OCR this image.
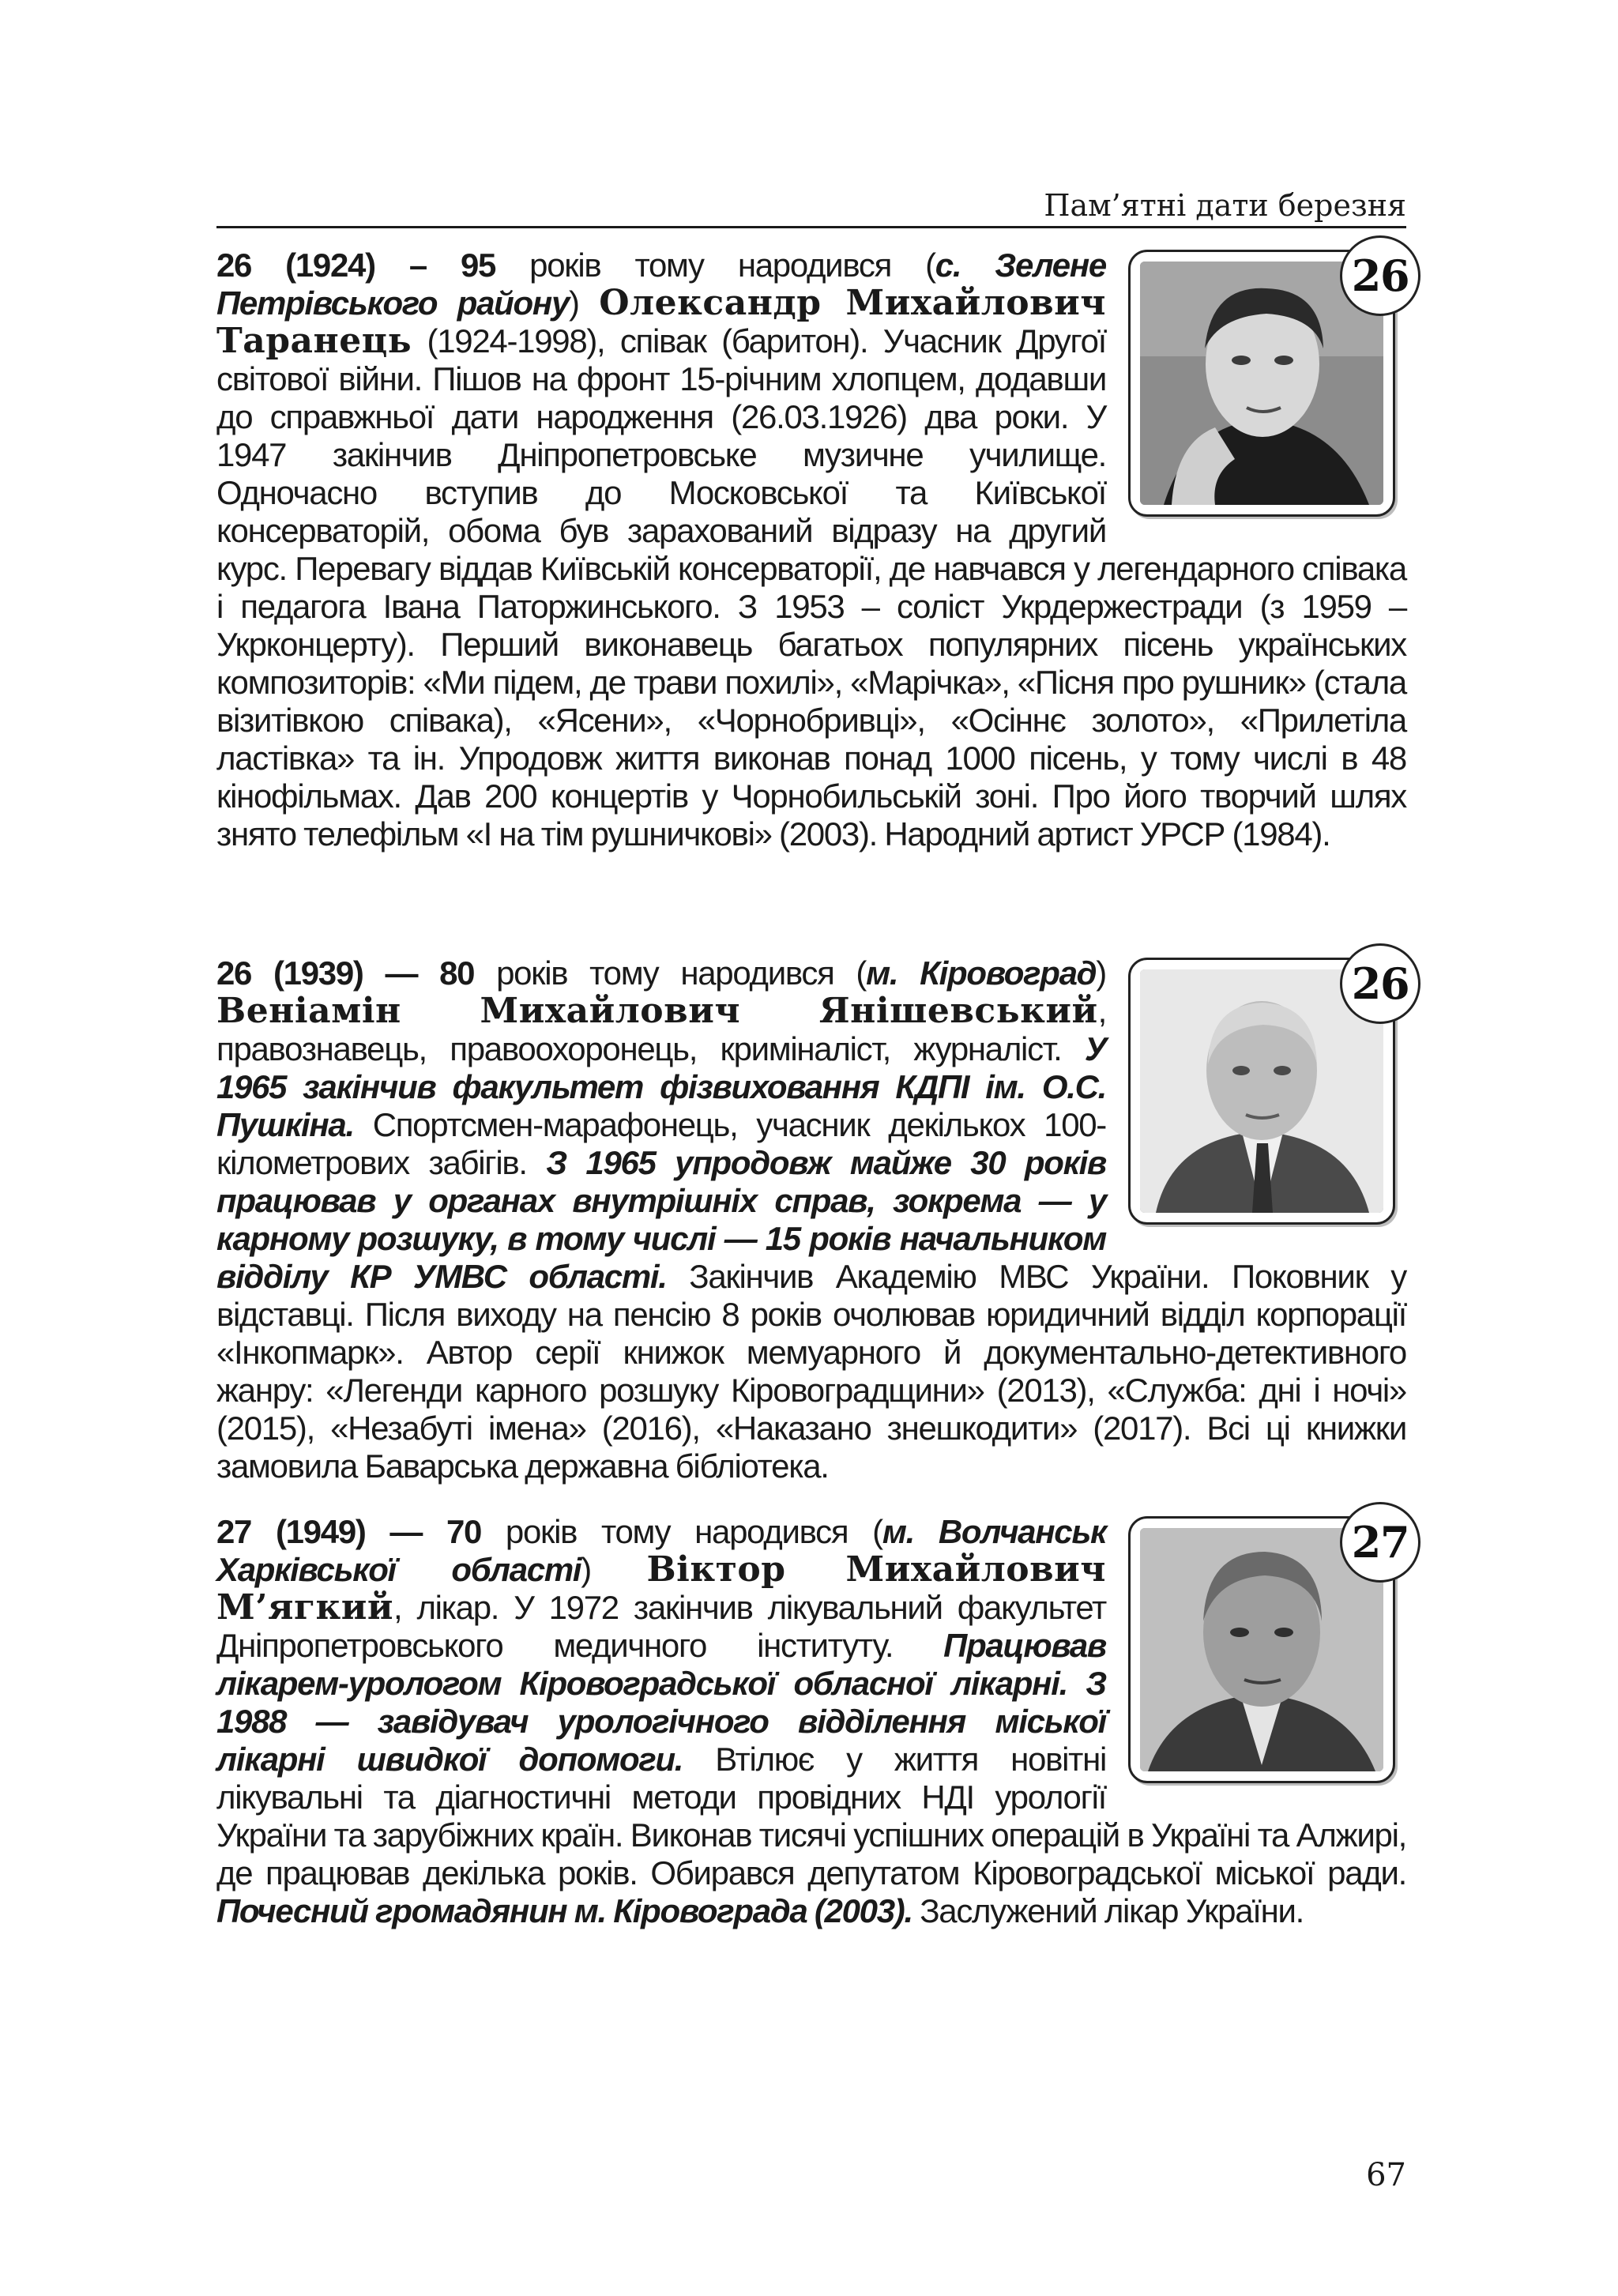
Пам’ятні дати березня
26

26 (1924) – 95 років тому народився (с. Зелене Петрівського району) Олександр Михайлович Таранець (1924-1998), співак (баритон). Учасник Другої світової війни. Пішов на фронт 15-річним хлопцем, додавши до справжньої дати народження (26.03.1926) два роки. У 1947 закінчив Дніпропетровське музичне училище. Одночасно вступив до Московської та Київської консерваторій, обома був зарахований відразу на другий курс. Перевагу віддав Київській консерваторії, де навчався у легендарного співака і педагога Івана Паторжинського. З 1953 – соліст Укрдержестради (з 1959 – Укрконцерту). Перший виконавець багатьох популярних пісень українських композиторів: «Ми підем, де трави похилі», «Марічка», «Пісня про рушник» (стала візитівкою співака), «Ясени», «Чорнобривці», «Осіннє золото», «Прилетіла ластівка» та ін. Упродовж життя виконав понад 1000 пісень, у тому числі в 48 кінофільмах. Дав 200 концертів у Чорнобильській зоні. Про його творчий шлях знято телефільм «І на тім рушничкові» (2003). Народний артист УРСР (1984).

26

26 (1939) — 80 років тому народився (м. Кіровоград) Веніамін Михайлович Янішевський, правознавець, правоохоронець, криміналіст, журналіст. У 1965 закінчив факультет фізвиховання КДПІ ім. О.С. Пушкіна. Спортсмен-марафонець, учасник декількох 100-кілометрових забігів. З 1965 упродовж майже 30 років працював у органах внутрішніх справ, зокрема — у карному розшуку, в тому числі — 15 років начальником відділу КР УМВС області. Закінчив Академію МВС України. Поковник у відставці. Після виходу на пенсію 8 років очолював юридичний відділ корпорації «Інкопмарк». Автор серії книжок мемуарного й документально-детективного жанру: «Легенди карного розшуку Кіровоградщини» (2013), «Служба: дні і ночі» (2015), «Незабуті імена» (2016), «Наказано знешкодити» (2017). Всі ці книжки замовила Баварська державна бібліотека.

27

27 (1949) — 70 років тому народився (м. Волчанськ Харківської області) Віктор Михайлович М’ягкий, лікар. У 1972 закінчив лікувальний факультет Дніпропетровського медичного інституту. Працював лікарем-урологом Кіровоградської обласної лікарні. З 1988 — завідувач урологічного відділення міської лікарні швидкої допомоги. Втілює у життя новітні лікувальні та діагностичні методи провідних НДІ урології України та зарубіжних країн. Виконав тисячі успішних операцій в Україні та Алжирі, де працював декілька років. Обирався депутатом Кіровоградської міської ради. Почесний громадянин м. Кіровограда (2003). Заслужений лікар України.

67
